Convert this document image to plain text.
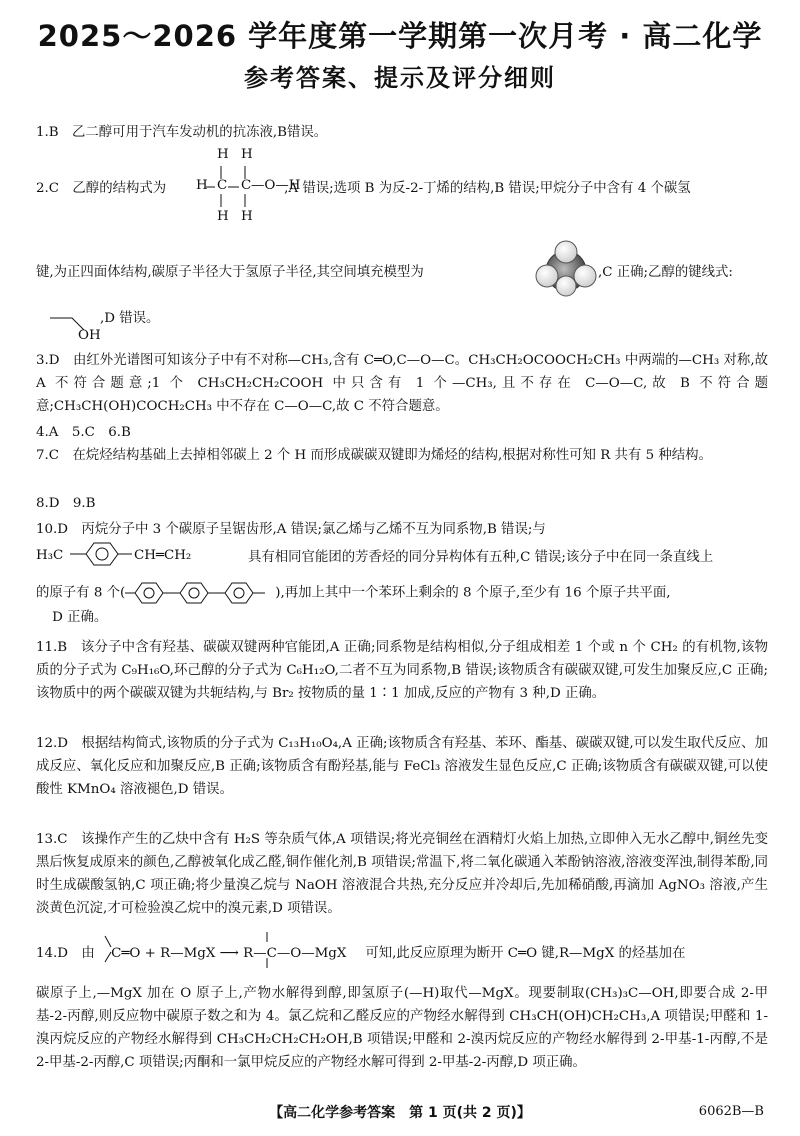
2025～2026 学年度第一学期第一次月考 · 高二化学
参考答案、提示及评分细则

1.B　乙二醇可用于汽车发动机的抗冻液,B错误。

H H
H C C —O—H
H H
2.C　乙醇的结构式为	,A 错误;选项 B 为反-2-丁烯的结构,B 错误;甲烷分子中含有 4 个碳氢
键,为正四面体结构,碳原子半径大于氢原子半径,其空间填充模型为	,C 正确;乙醇的键线式:
OH
,D 错误。

3.D　由红外光谱图可知该分子中有不对称—CH₃,含有 C═O,C—O—C。CH₃CH₂OCOOCH₂CH₃ 中两端的—CH₃ 对称,故 A 不符合题意;1 个 CH₃CH₂CH₂COOH 中只含有 1 个—CH₃,且不存在 C—O—C,故 B 不符合题意;CH₃CH(OH)COCH₂CH₃ 中不存在 C—O—C,故 C 不符合题意。

4.A　5.C　6.B

7.C　在烷烃结构基础上去掉相邻碳上 2 个 H 而形成碳碳双键即为烯烃的结构,根据对称性可知 R 共有 5 种结构。

8.D　9.B

10.D　丙烷分子中 3 个碳原子呈锯齿形,A 错误;氯乙烯与乙烯不互为同系物,B 错误;与
H₃C	CH═CH₂	具有相同官能团的芳香烃的同分异构体有五种,C 错误;该分子中在同一条直线上
的原子有 8 个(	),再加上其中一个苯环上剩余的 8 个原子,至少有 16 个原子共平面,
D 正确。

11.B　该分子中含有羟基、碳碳双键两种官能团,A 正确;同系物是结构相似,分子组成相差 1 个或 n 个 CH₂ 的有机物,该物质的分子式为 C₉H₁₆O,环己醇的分子式为 C₆H₁₂O,二者不互为同系物,B 错误;该物质含有碳碳双键,可发生加聚反应,C 正确;该物质中的两个碳碳双键为共轭结构,与 Br₂ 按物质的量 1∶1 加成,反应的产物有 3 种,D 正确。

12.D　根据结构简式,该物质的分子式为 C₁₃H₁₀O₄,A 正确;该物质含有羟基、苯环、酯基、碳碳双键,可以发生取代反应、加成反应、氧化反应和加聚反应,B 正确;该物质含有酚羟基,能与 FeCl₃ 溶液发生显色反应,C 正确;该物质含有碳碳双键,可以使酸性 KMnO₄ 溶液褪色,D 错误。

13.C　该操作产生的乙炔中含有 H₂S 等杂质气体,A 项错误;将光亮铜丝在酒精灯火焰上加热,立即伸入无水乙醇中,铜丝先变黑后恢复成原来的颜色,乙醇被氧化成乙醛,铜作催化剂,B 项错误;常温下,将二氧化碳通入苯酚钠溶液,溶液变浑浊,制得苯酚,同时生成碳酸氢钠,C 项正确;将少量溴乙烷与 NaOH 溶液混合共热,充分反应并冷却后,先加稀硝酸,再滴加 AgNO₃ 溶液,产生淡黄色沉淀,才可检验溴乙烷中的溴元素,D 项错误。

14.D　由 C═O + R—MgX ⟶ R—C—O—MgX 可知,此反应原理为断开 C═O 键,R—MgX 的烃基加在

碳原子上,—MgX 加在 O 原子上,产物水解得到醇,即氢原子(—H)取代—MgX。现要制取(CH₃)₃C—OH,即要合成 2-甲基-2-丙醇,则反应物中碳原子数之和为 4。氯乙烷和乙醛反应的产物经水解得到 CH₃CH(OH)CH₂CH₃,A 项错误;甲醛和 1-溴丙烷反应的产物经水解得到 CH₃CH₂CH₂CH₂OH,B 项错误;甲醛和 2-溴丙烷反应的产物经水解得到 2-甲基-1-丙醇,不是 2-甲基-2-丙醇,C 项错误;丙酮和一氯甲烷反应的产物经水解可得到 2-甲基-2-丙醇,D 项正确。

【高二化学参考答案　第 1 页(共 2 页)】	6062B—B
